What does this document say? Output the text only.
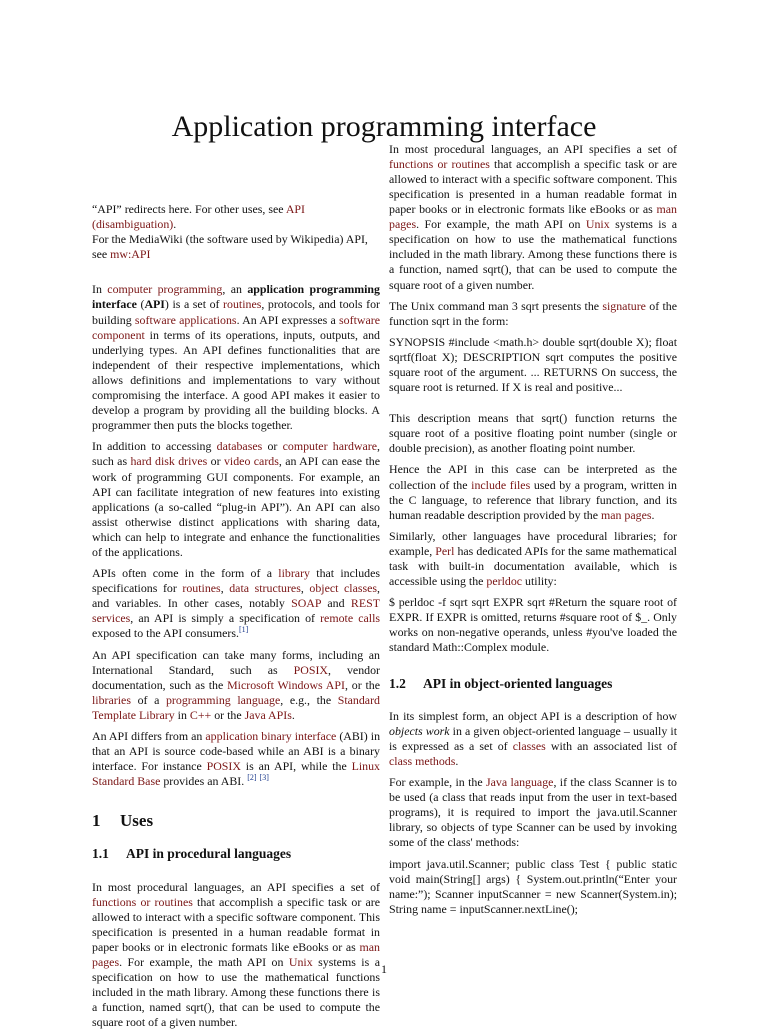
Application programming interface

“API” redirects here. For other uses, see API (disambiguation).
For the MediaWiki (the software used by Wikipedia) API, see mw:API

In computer programming, an application programming interface (API) is a set of routines, protocols, and tools for building software applications. An API expresses a software component in terms of its operations, inputs, outputs, and underlying types. An API defines functionalities that are independent of their respective implementations, which allows definitions and implementations to vary without compromising the interface. A good API makes it easier to develop a program by providing all the building blocks. A programmer then puts the blocks together.

In addition to accessing databases or computer hardware, such as hard disk drives or video cards, an API can ease the work of programming GUI components. For example, an API can facilitate integration of new features into existing applications (a so-called “plug-in API”). An API can also assist otherwise distinct applications with sharing data, which can help to integrate and enhance the functionalities of the applications.

APIs often come in the form of a library that includes specifications for routines, data structures, object classes, and variables. In other cases, notably SOAP and REST services, an API is simply a specification of remote calls exposed to the API consumers.[1]

An API specification can take many forms, including an International Standard, such as POSIX, vendor documentation, such as the Microsoft Windows API, or the libraries of a programming language, e.g., the Standard Template Library in C++ or the Java APIs.

An API differs from an application binary interface (ABI) in that an API is source code-based while an ABI is a binary interface. For instance POSIX is an API, while the Linux Standard Base provides an ABI. [2] [3]

1 Uses
1.1 API in procedural languages

In most procedural languages, an API specifies a set of functions or routines that accomplish a specific task or are allowed to interact with a specific software component. This specification is presented in a human readable format in paper books or in electronic formats like eBooks or as man pages. For example, the math API on Unix systems is a specification on how to use the mathematical functions included in the math library. Among these functions there is a function, named sqrt(), that can be used to compute the square root of a given number.

In most procedural languages, an API specifies a set of functions or routines that accomplish a specific task or are allowed to interact with a specific software component. This specification is presented in a human readable format in paper books or in electronic formats like eBooks or as man pages. For example, the math API on Unix systems is a specification on how to use the mathematical functions included in the math library. Among these functions there is a function, named sqrt(), that can be used to compute the square root of a given number.

The Unix command man 3 sqrt presents the signature of the function sqrt in the form:

SYNOPSIS #include <math.h> double sqrt(double X); float sqrtf(float X); DESCRIPTION sqrt computes the positive square root of the argument. ... RETURNS On success, the square root is returned. If X is real and positive...

This description means that sqrt() function returns the square root of a positive floating point number (single or double precision), as another floating point number.

Hence the API in this case can be interpreted as the collection of the include files used by a program, written in the C language, to reference that library function, and its human readable description provided by the man pages.

Similarly, other languages have procedural libraries; for example, Perl has dedicated APIs for the same mathematical task with built-in documentation available, which is accessible using the perldoc utility:

$ perldoc -f sqrt sqrt EXPR sqrt #Return the square root of EXPR. If EXPR is omitted, returns #square root of $_. Only works on non-negative operands, unless #you've loaded the standard Math::Complex module.

1.2 API in object-oriented languages

In its simplest form, an object API is a description of how objects work in a given object-oriented language – usually it is expressed as a set of classes with an associated list of class methods.

For example, in the Java language, if the class Scanner is to be used (a class that reads input from the user in text-based programs), it is required to import the java.util.Scanner library, so objects of type Scanner can be used by invoking some of the class' methods:

import java.util.Scanner; public class Test { public static void main(String[] args) { System.out.println(“Enter your name:”); Scanner inputScanner = new Scanner(System.in); String name = inputScanner.nextLine();

1
